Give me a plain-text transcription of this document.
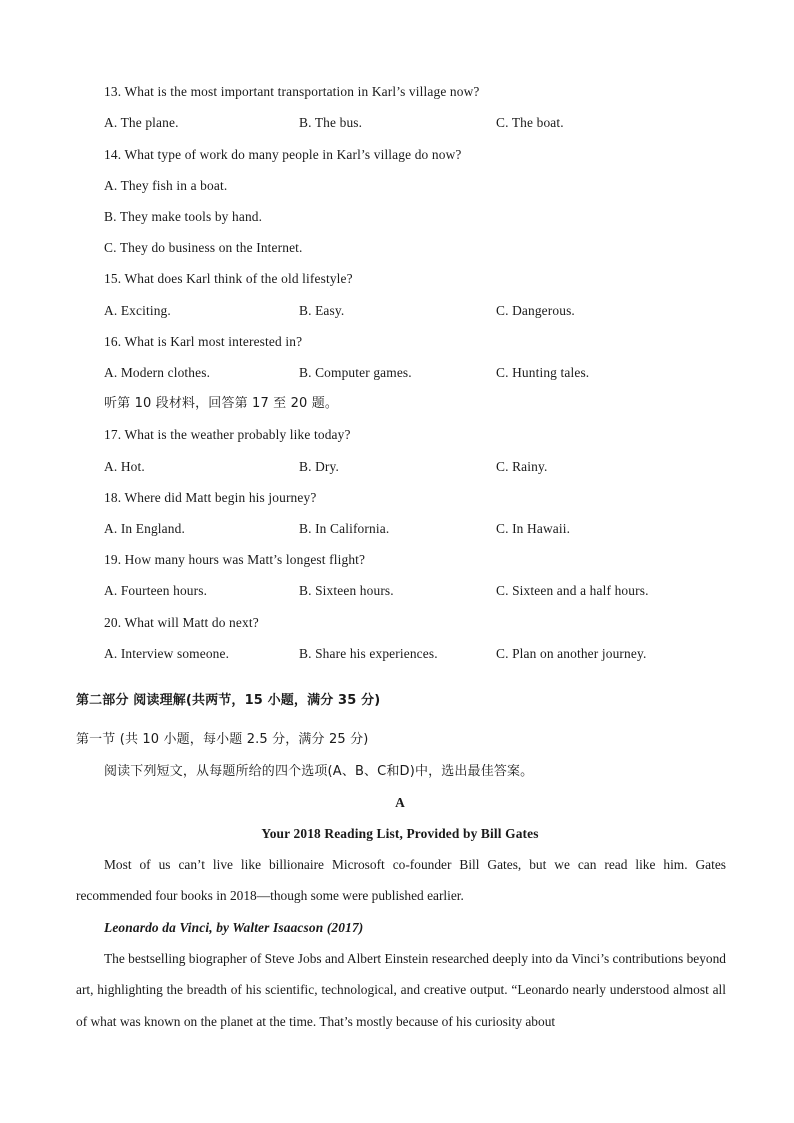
13. What is the most important transportation in Karl’s village now?
A. The plane.	B. The bus.	C. The boat.
14. What type of work do many people in Karl’s village do now?
A. They fish in a boat.
B. They make tools by hand.
C. They do business on the Internet.
15. What does Karl think of the old lifestyle?
A. Exciting.	B. Easy.	C. Dangerous.
16. What is Karl most interested in?
A. Modern clothes.	B. Computer games.	C. Hunting tales.
听第 10 段材料，回答第 17 至 20 题。
17. What is the weather probably like today?
A. Hot.	B. Dry.	C. Rainy.
18. Where did Matt begin his journey?
A. In England.	B. In California.	C. In Hawaii.
19. How many hours was Matt’s longest flight?
A. Fourteen hours.	B. Sixteen hours.	C. Sixteen and a half hours.
20. What will Matt do next?
A. Interview someone.	B. Share his experiences.	C. Plan on another journey.
第二部分 阅读理解(共两节，15 小题，满分 35 分)
第一节 (共 10 小题，每小题 2.5 分，满分 25 分)
阅读下列短文，从每题所给的四个选项(A、B、C和D)中，选出最佳答案。
A
Your 2018 Reading List, Provided by Bill Gates
Most of us can’t live like billionaire Microsoft co-founder Bill Gates, but we can read like him. Gates recommended four books in 2018—though some were published earlier.
Leonardo da Vinci, by Walter Isaacson (2017)
The bestselling biographer of Steve Jobs and Albert Einstein researched deeply into da Vinci’s contributions beyond art, highlighting the breadth of his scientific, technological, and creative output. “Leonardo nearly understood almost all of what was known on the planet at the time. That’s mostly because of his curiosity about
